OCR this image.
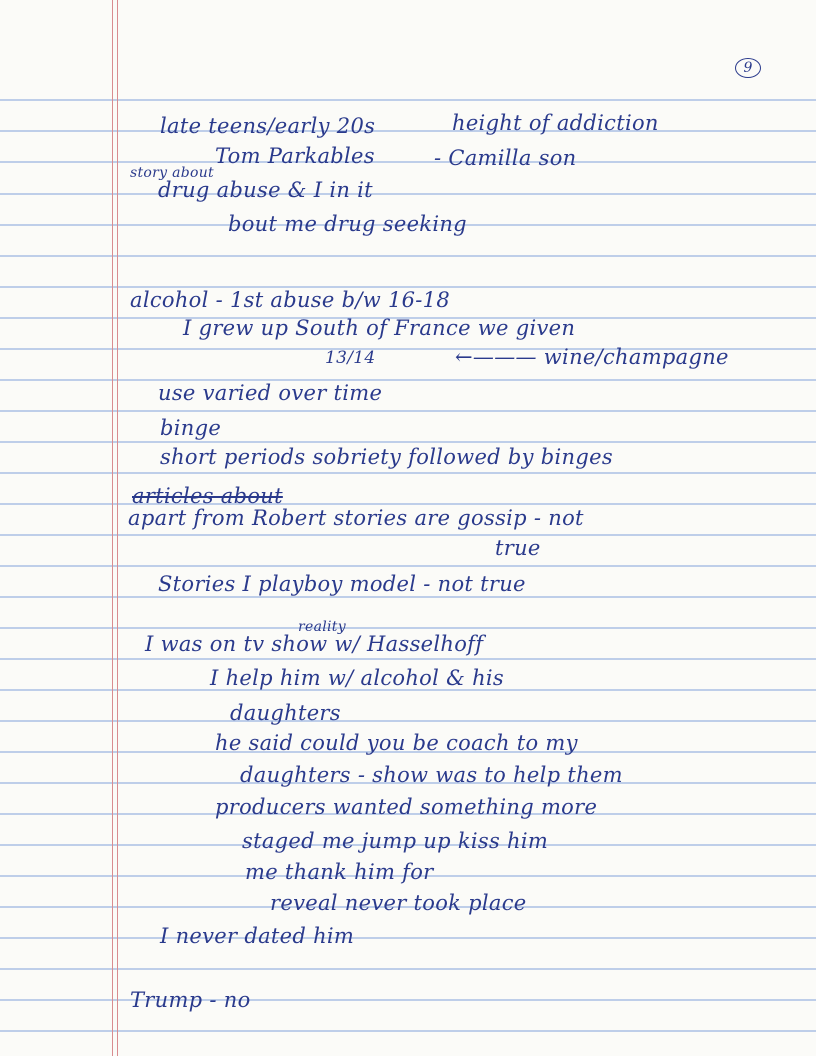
9
late teens/early 20s	height of addiction
Tom Parkables	- Camilla son
story about
drug abuse & I in it
bout me drug seeking
alcohol - 1st abuse b/w 16-18
I grew up South of France we given
13/14	←——— wine/champagne
use varied over time
binge
short periods sobriety followed by binges
articles about
apart from Robert stories are gossip - not
true
Stories I playboy model - not true
reality
I was on tv show w/ Hasselhoff
I help him w/ alcohol & his
daughters
he said could you be coach to my
daughters - show was to help them
producers wanted something more
staged me jump up kiss him
me thank him for
reveal never took place
I never dated him
Trump - no
